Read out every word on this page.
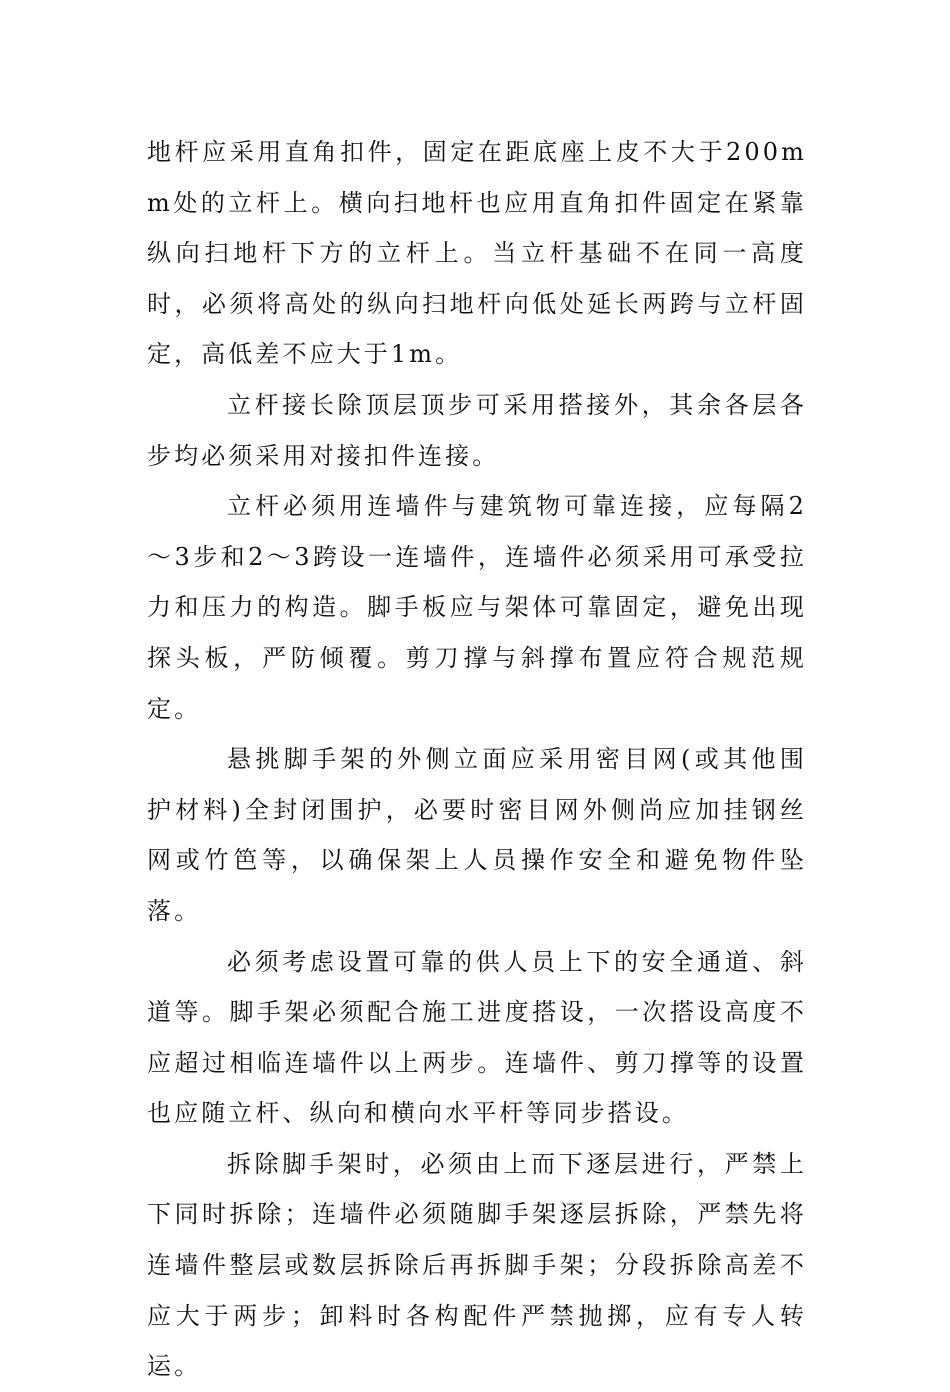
地杆应采用直角扣件，固定在距底座上皮不大于200mm处的立杆上。横向扫地杆也应用直角扣件固定在紧靠纵向扫地杆下方的立杆上。当立杆基础不在同一高度时，必须将高处的纵向扫地杆向低处延长两跨与立杆固定，高低差不应大于1m。

立杆接长除顶层顶步可采用搭接外，其余各层各步均必须采用对接扣件连接。

立杆必须用连墙件与建筑物可靠连接，应每隔2～3步和2～3跨设一连墙件，连墙件必须采用可承受拉力和压力的构造。脚手板应与架体可靠固定，避免出现探头板，严防倾覆。剪刀撑与斜撑布置应符合规范规定。

悬挑脚手架的外侧立面应采用密目网(或其他围护材料)全封闭围护，必要时密目网外侧尚应加挂钢丝网或竹笆等，以确保架上人员操作安全和避免物件坠落。

必须考虑设置可靠的供人员上下的安全通道、斜道等。脚手架必须配合施工进度搭设，一次搭设高度不应超过相临连墙件以上两步。连墙件、剪刀撑等的设置也应随立杆、纵向和横向水平杆等同步搭设。

拆除脚手架时，必须由上而下逐层进行，严禁上下同时拆除；连墙件必须随脚手架逐层拆除，严禁先将连墙件整层或数层拆除后再拆脚手架；分段拆除高差不应大于两步；卸料时各构配件严禁抛掷，应有专人转运。
